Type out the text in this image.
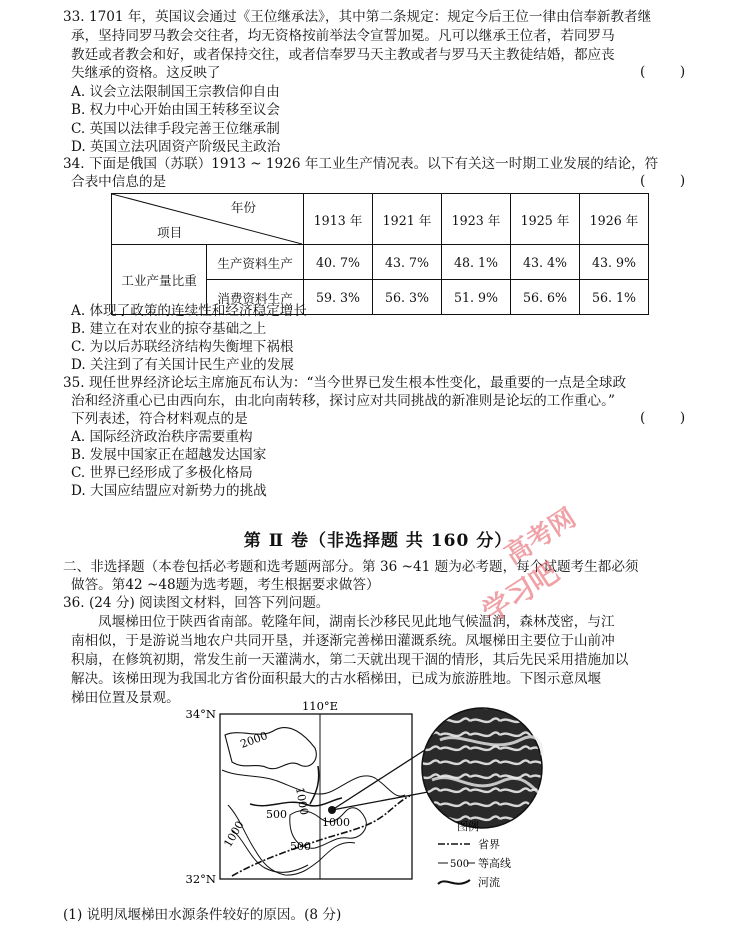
33. 1701 年，英国议会通过《王位继承法》，其中第二条规定：规定今后王位一律由信奉新教者继
承，坚持同罗马教会交往者，均无资格按前举法令宣誓加冕。凡可以继承王位者，若同罗马
教廷或者教会和好，或者保持交往，或者信奉罗马天主教或者与罗马天主教徒结婚，都应丧
失继承的资格。这反映了	(        )
A. 议会立法限制国王宗教信仰自由
B. 权力中心开始由国王转移至议会
C. 英国以法律手段完善王位继承制
D. 英国立法巩固资产阶级民主政治
34. 下面是俄国（苏联）1913 ~ 1926 年工业生产情况表。以下有关这一时期工业发展的结论，符
合表中信息的是	(        )
年份
项目		1913 年	1921 年	1923 年	1925 年	1926 年
工业产量比重	生产资料生产	40. 7%	43. 7%	48. 1%	43. 4%	43. 9%
	消费资料生产	59. 3%	56. 3%	51. 9%	56. 6%	56. 1%
A. 体现了政策的连续性和经济稳定增长
B. 建立在对农业的掠夺基础之上
C. 为以后苏联经济结构失衡埋下祸根
D. 关注到了有关国计民生产业的发展
35. 现任世界经济论坛主席施瓦布认为：“当今世界已发生根本性变化，最重要的一点是全球政
治和经济重心已由西向东，由北向南转移，探讨应对共同挑战的新准则是论坛的工作重心。”
下列表述，符合材料观点的是	(        )
A. 国际经济政治秩序需要重构
B. 发展中国家正在超越发达国家
C. 世界已经形成了多极化格局
D. 大国应结盟应对新势力的挑战
第 Ⅱ 卷（非选择题 共 160 分）
二、非选择题（本卷包括必考题和选考题两部分。第 36 ~41 题为必考题，每个试题考生都必须
做答。第42 ~48题为选考题，考生根据要求做答）
36. (24 分) 阅读图文材料，回答下列问题。
凤堰梯田位于陕西省南部。乾隆年间，湖南长沙移民见此地气候温润，森林茂密，与江
南相似，于是游说当地农户共同开垦，并逐渐完善梯田灌溉系统。凤堰梯田主要位于山前冲
积扇，在修筑初期，常发生前一天灌满水，第二天就出现干涸的情形，其后先民采用措施加以
解决。该梯田现为我国北方省份面积最大的古水稻梯田，已成为旅游胜地。下图示意凤堰
梯田位置及景观。	110°E
34°N
32°N
2000
1000
500
1000	1000
500
图例
省界
500 等高线
河流
(1) 说明凤堰梯田水源条件较好的原因。(8 分)
高考网
学习吧
